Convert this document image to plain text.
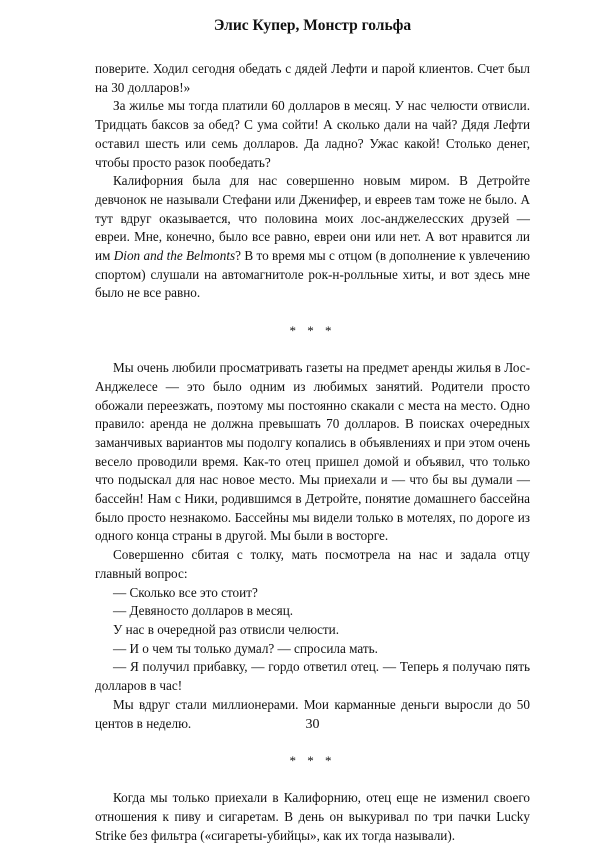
Элис Купер, Монстр гольфа

поверите. Ходил сегодня обедать с дядей Лефти и парой клиентов. Счет был на 30 долларов!»

За жилье мы тогда платили 60 долларов в месяц. У нас челюсти отвисли. Тридцать баксов за обед? С ума сойти! А сколько дали на чай? Дядя Лефти оставил шесть или семь долларов. Да ладно? Ужас какой! Столько денег, чтобы просто разок пообедать?

Калифорния была для нас совершенно новым миром. В Детройте девчонок не называли Стефани или Дженифер, и евреев там тоже не было. А тут вдруг оказывается, что половина моих лос-анджелесских друзей — евреи. Мне, конечно, было все равно, евреи они или нет. А вот нравится ли им Dion and the Belmonts? В то время мы с отцом (в дополнение к увлечению спортом) слушали на автомагнитоле рок-н-ролльные хиты, и вот здесь мне было не все равно.

* * *

Мы очень любили просматривать газеты на предмет аренды жилья в Лос-Анджелесе — это было одним из любимых занятий. Родители просто обожали переезжать, поэтому мы постоянно скакали с места на место. Одно правило: аренда не должна превышать 70 долларов. В поисках очередных заманчивых вариантов мы подолгу копались в объявлениях и при этом очень весело проводили время. Как-то отец пришел домой и объявил, что только что подыскал для нас новое место. Мы приехали и — что бы вы думали — бассейн! Нам с Ники, родившимся в Детройте, понятие домашнего бассейна было просто незнакомо. Бассейны мы видели только в мотелях, по дороге из одного конца страны в другой. Мы были в восторге.

Совершенно сбитая с толку, мать посмотрела на нас и задала отцу главный вопрос:

— Сколько все это стоит?

— Девяносто долларов в месяц.

У нас в очередной раз отвисли челюсти.

— И о чем ты только думал? — спросила мать.

— Я получил прибавку, — гордо ответил отец. — Теперь я получаю пять долларов в час!

Мы вдруг стали миллионерами. Мои карманные деньги выросли до 50 центов в неделю.

* * *

Когда мы только приехали в Калифорнию, отец еще не изменил своего отношения к пиву и сигаретам. В день он выкуривал по три пачки Lucky Strike без фильтра («сигареты-убийцы», как их тогда называли).

30
